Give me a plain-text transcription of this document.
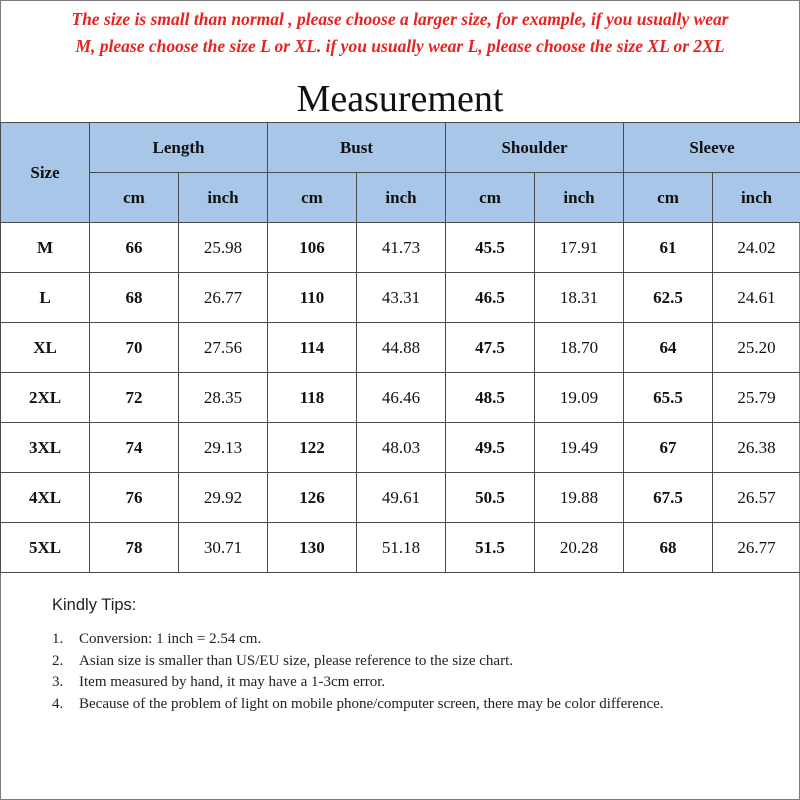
The size is small than normal , please choose a larger size, for example, if you usually wear
M, please choose the size L or XL. if you usually wear L, please choose the size XL or 2XL
Measurement
Size	Length		Bust		Shoulder		Sleeve	
	cm	inch	cm	inch	cm	inch	cm	inch
M	66	25.98	106	41.73	45.5	17.91	61	24.02
L	68	26.77	110	43.31	46.5	18.31	62.5	24.61
XL	70	27.56	114	44.88	47.5	18.70	64	25.20
2XL	72	28.35	118	46.46	48.5	19.09	65.5	25.79
3XL	74	29.13	122	48.03	49.5	19.49	67	26.38
4XL	76	29.92	126	49.61	50.5	19.88	67.5	26.57
5XL	78	30.71	130	51.18	51.5	20.28	68	26.77
Kindly Tips:
1.	Conversion: 1 inch = 2.54 cm.
2.	Asian size is smaller than US/EU size, please reference to the size chart.
3.	Item measured by hand, it may have a 1-3cm error.
4.	Because of the problem of light on mobile phone/computer screen, there may be color difference.
